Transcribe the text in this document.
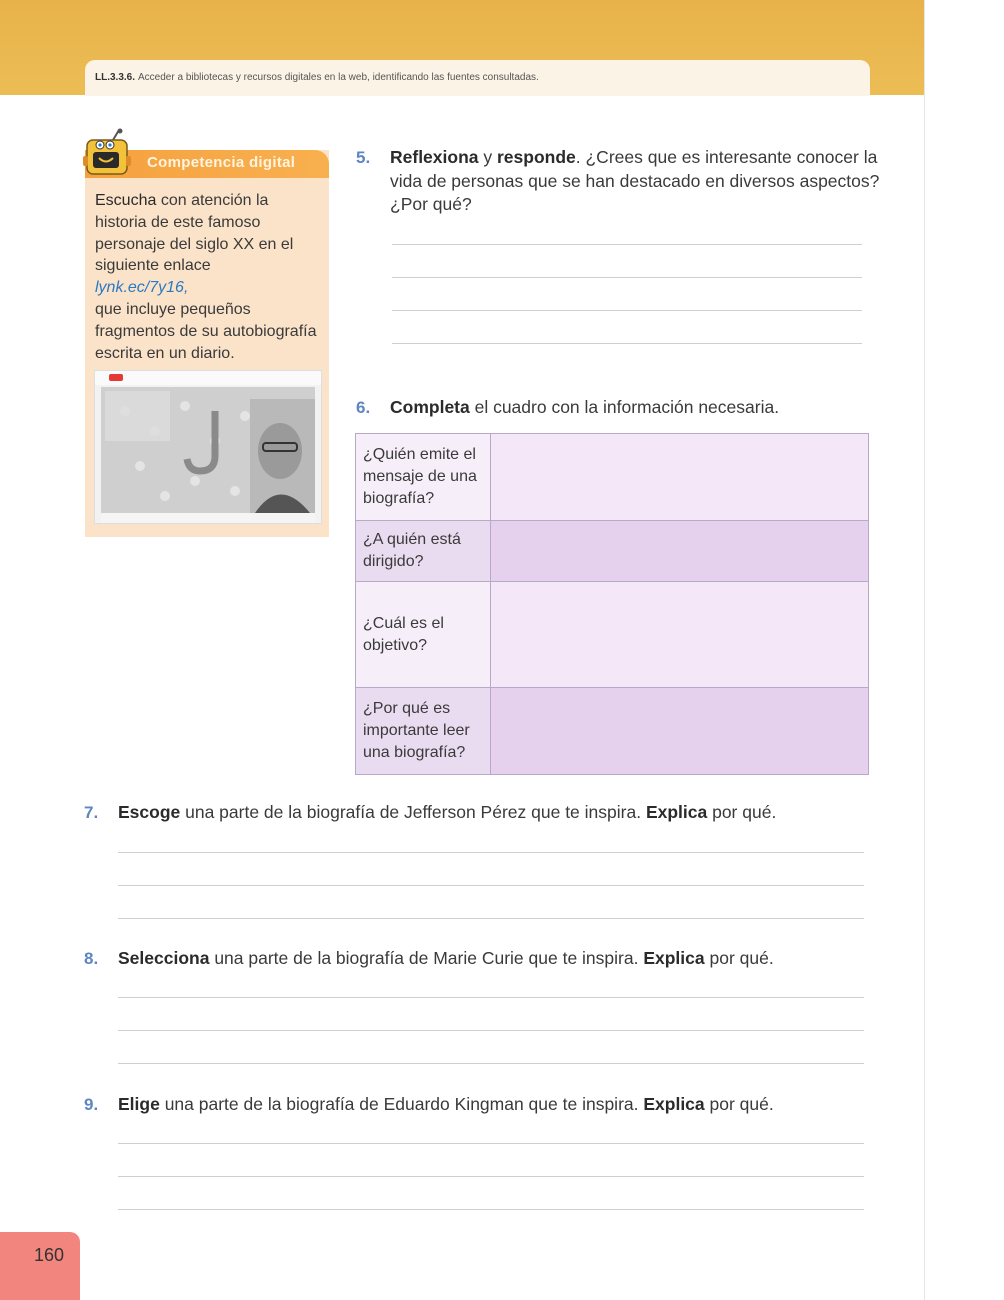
LL.3.3.6. Acceder a bibliotecas y recursos digitales en la web, identificando las fuentes consultadas.
Competencia digital
Escucha con atención la
historia de este famoso
personaje del siglo XX en el
siguiente enlace
lynk.ec/7y16,
que incluye pequeños
fragmentos de su autobiografía
escrita en un diario.
5. Reflexiona y responde. ¿Crees que es interesante conocer la
vida de personas que se han destacado en diversos aspectos?
¿Por qué?
6. Completa el cuadro con la información necesaria.
¿Quién emite el
mensaje de una
biografía?	

¿A quién está
dirigido?	

¿Cuál es el
objetivo?	

¿Por qué es
importante leer
una biografía?	

7. Escoge una parte de la biografía de Jefferson Pérez que te inspira. Explica por qué.
8. Selecciona una parte de la biografía de Marie Curie que te inspira. Explica por qué.
9. Elige una parte de la biografía de Eduardo Kingman que te inspira. Explica por qué.
160
